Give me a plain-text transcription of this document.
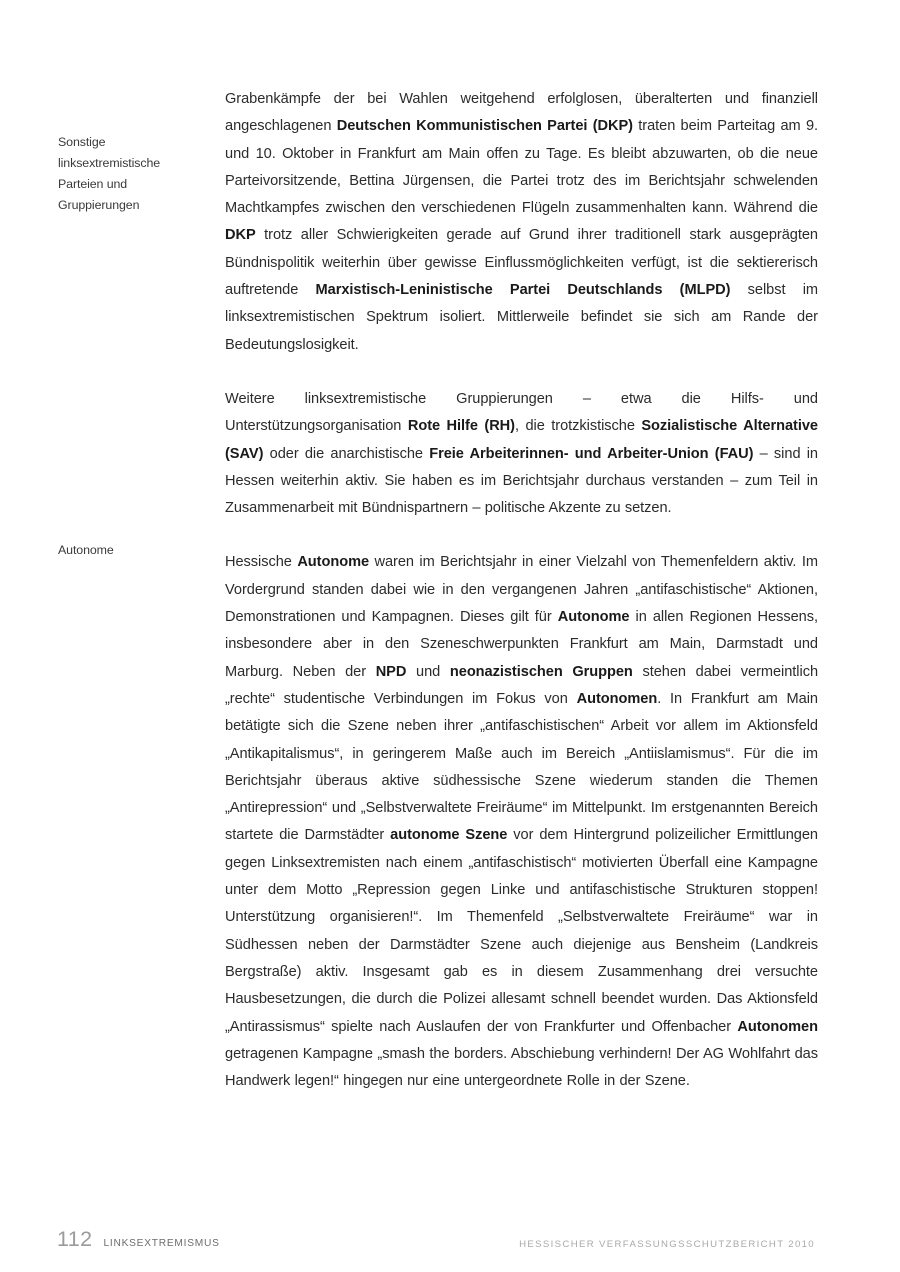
Sonstige linksextremistische
Parteien und Gruppierungen
Autonome

Grabenkämpfe der bei Wahlen weitgehend erfolglosen, überalterten und finanziell angeschlagenen Deutschen Kommunistischen Partei (DKP) traten beim Parteitag am 9. und 10. Oktober in Frankfurt am Main offen zu Tage. Es bleibt abzuwarten, ob die neue Parteivorsitzende, Bettina Jürgensen, die Partei trotz des im Berichtsjahr schwelenden Machtkampfes zwischen den verschiedenen Flügeln zusammenhalten kann. Während die DKP trotz aller Schwierigkeiten gerade auf Grund ihrer traditionell stark ausgeprägten Bündnispolitik weiterhin über gewisse Einflussmöglichkeiten verfügt, ist die sektiererisch auftretende Marxistisch-Leninistische Partei Deutschlands (MLPD) selbst im linksextremistischen Spektrum isoliert. Mittlerweile befindet sie sich am Rande der Bedeutungslosigkeit.

Weitere linksextremistische Gruppierungen – etwa die Hilfs- und Unterstützungsorganisation Rote Hilfe (RH), die trotzkistische Sozialistische Alternative (SAV) oder die anarchistische Freie Arbeiterinnen- und Arbeiter-Union (FAU) – sind in Hessen weiterhin aktiv. Sie haben es im Berichtsjahr durchaus verstanden – zum Teil in Zusammenarbeit mit Bündnispartnern – politische Akzente zu setzen.

Hessische Autonome waren im Berichtsjahr in einer Vielzahl von Themenfeldern aktiv. Im Vordergrund standen dabei wie in den vergangenen Jahren „antifaschistische“ Aktionen, Demonstrationen und Kampagnen. Dieses gilt für Autonome in allen Regionen Hessens, insbesondere aber in den Szeneschwerpunkten Frankfurt am Main, Darmstadt und Marburg. Neben der NPD und neonazistischen Gruppen stehen dabei vermeintlich „rechte“ studentische Verbindungen im Fokus von Autonomen. In Frankfurt am Main betätigte sich die Szene neben ihrer „antifaschistischen“ Arbeit vor allem im Aktionsfeld „Antikapitalismus“, in geringerem Maße auch im Bereich „Antiislamismus“. Für die im Berichtsjahr überaus aktive südhessische Szene wiederum standen die Themen „Antirepression“ und „Selbstverwaltete Freiräume“ im Mittelpunkt. Im erstgenannten Bereich startete die Darmstädter autonome Szene vor dem Hintergrund polizeilicher Ermittlungen gegen Linksextremisten nach einem „antifaschistisch“ motivierten Überfall eine Kampagne unter dem Motto „Repression gegen Linke und antifaschistische Strukturen stoppen! Unterstützung organisieren!“. Im Themenfeld „Selbstverwaltete Freiräume“ war in Südhessen neben der Darmstädter Szene auch diejenige aus Bensheim (Landkreis Bergstraße) aktiv. Insgesamt gab es in diesem Zusammenhang drei versuchte Hausbesetzungen, die durch die Polizei allesamt schnell beendet wurden. Das Aktionsfeld „Antirassismus“ spielte nach Auslaufen der von Frankfurter und Offenbacher Autonomen getragenen Kampagne „smash the borders. Abschiebung verhindern! Der AG Wohlfahrt das Handwerk legen!“ hingegen nur eine untergeordnete Rolle in der Szene.

112 LINKSEXTREMISMUS	HESSISCHER VERFASSUNGSSCHUTZBERICHT 2010
